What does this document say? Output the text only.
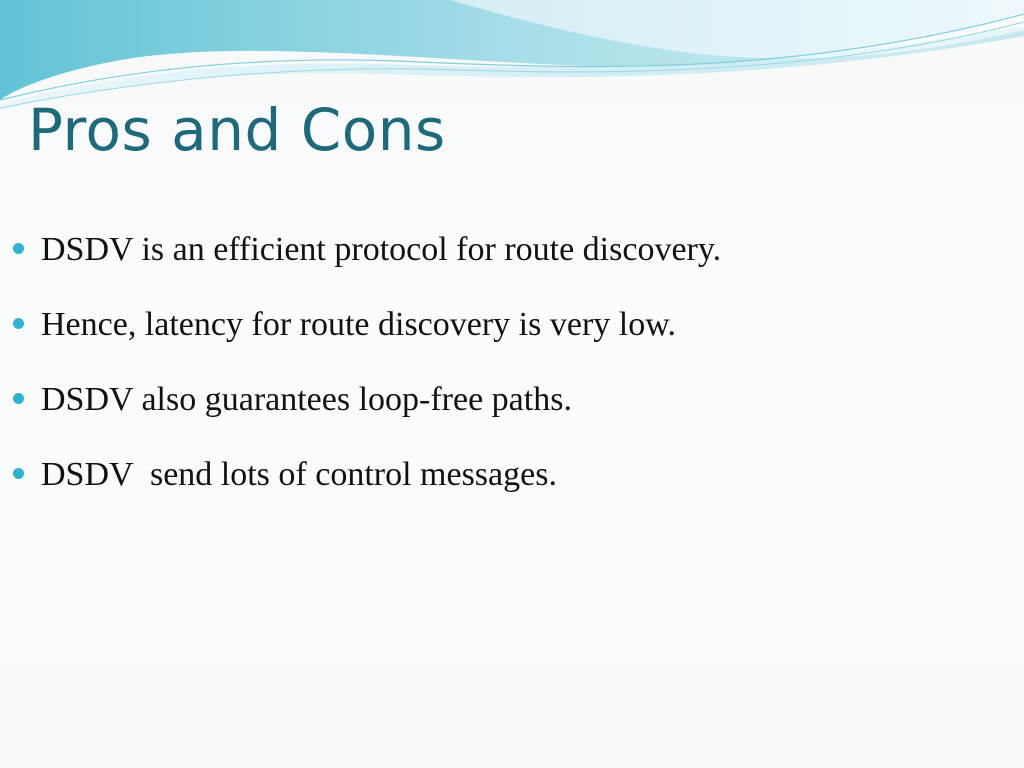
Pros and Cons
DSDV is an efficient protocol for route discovery.
Hence, latency for route discovery is very low.
DSDV also guarantees loop-free paths.
DSDV  send lots of control messages.
